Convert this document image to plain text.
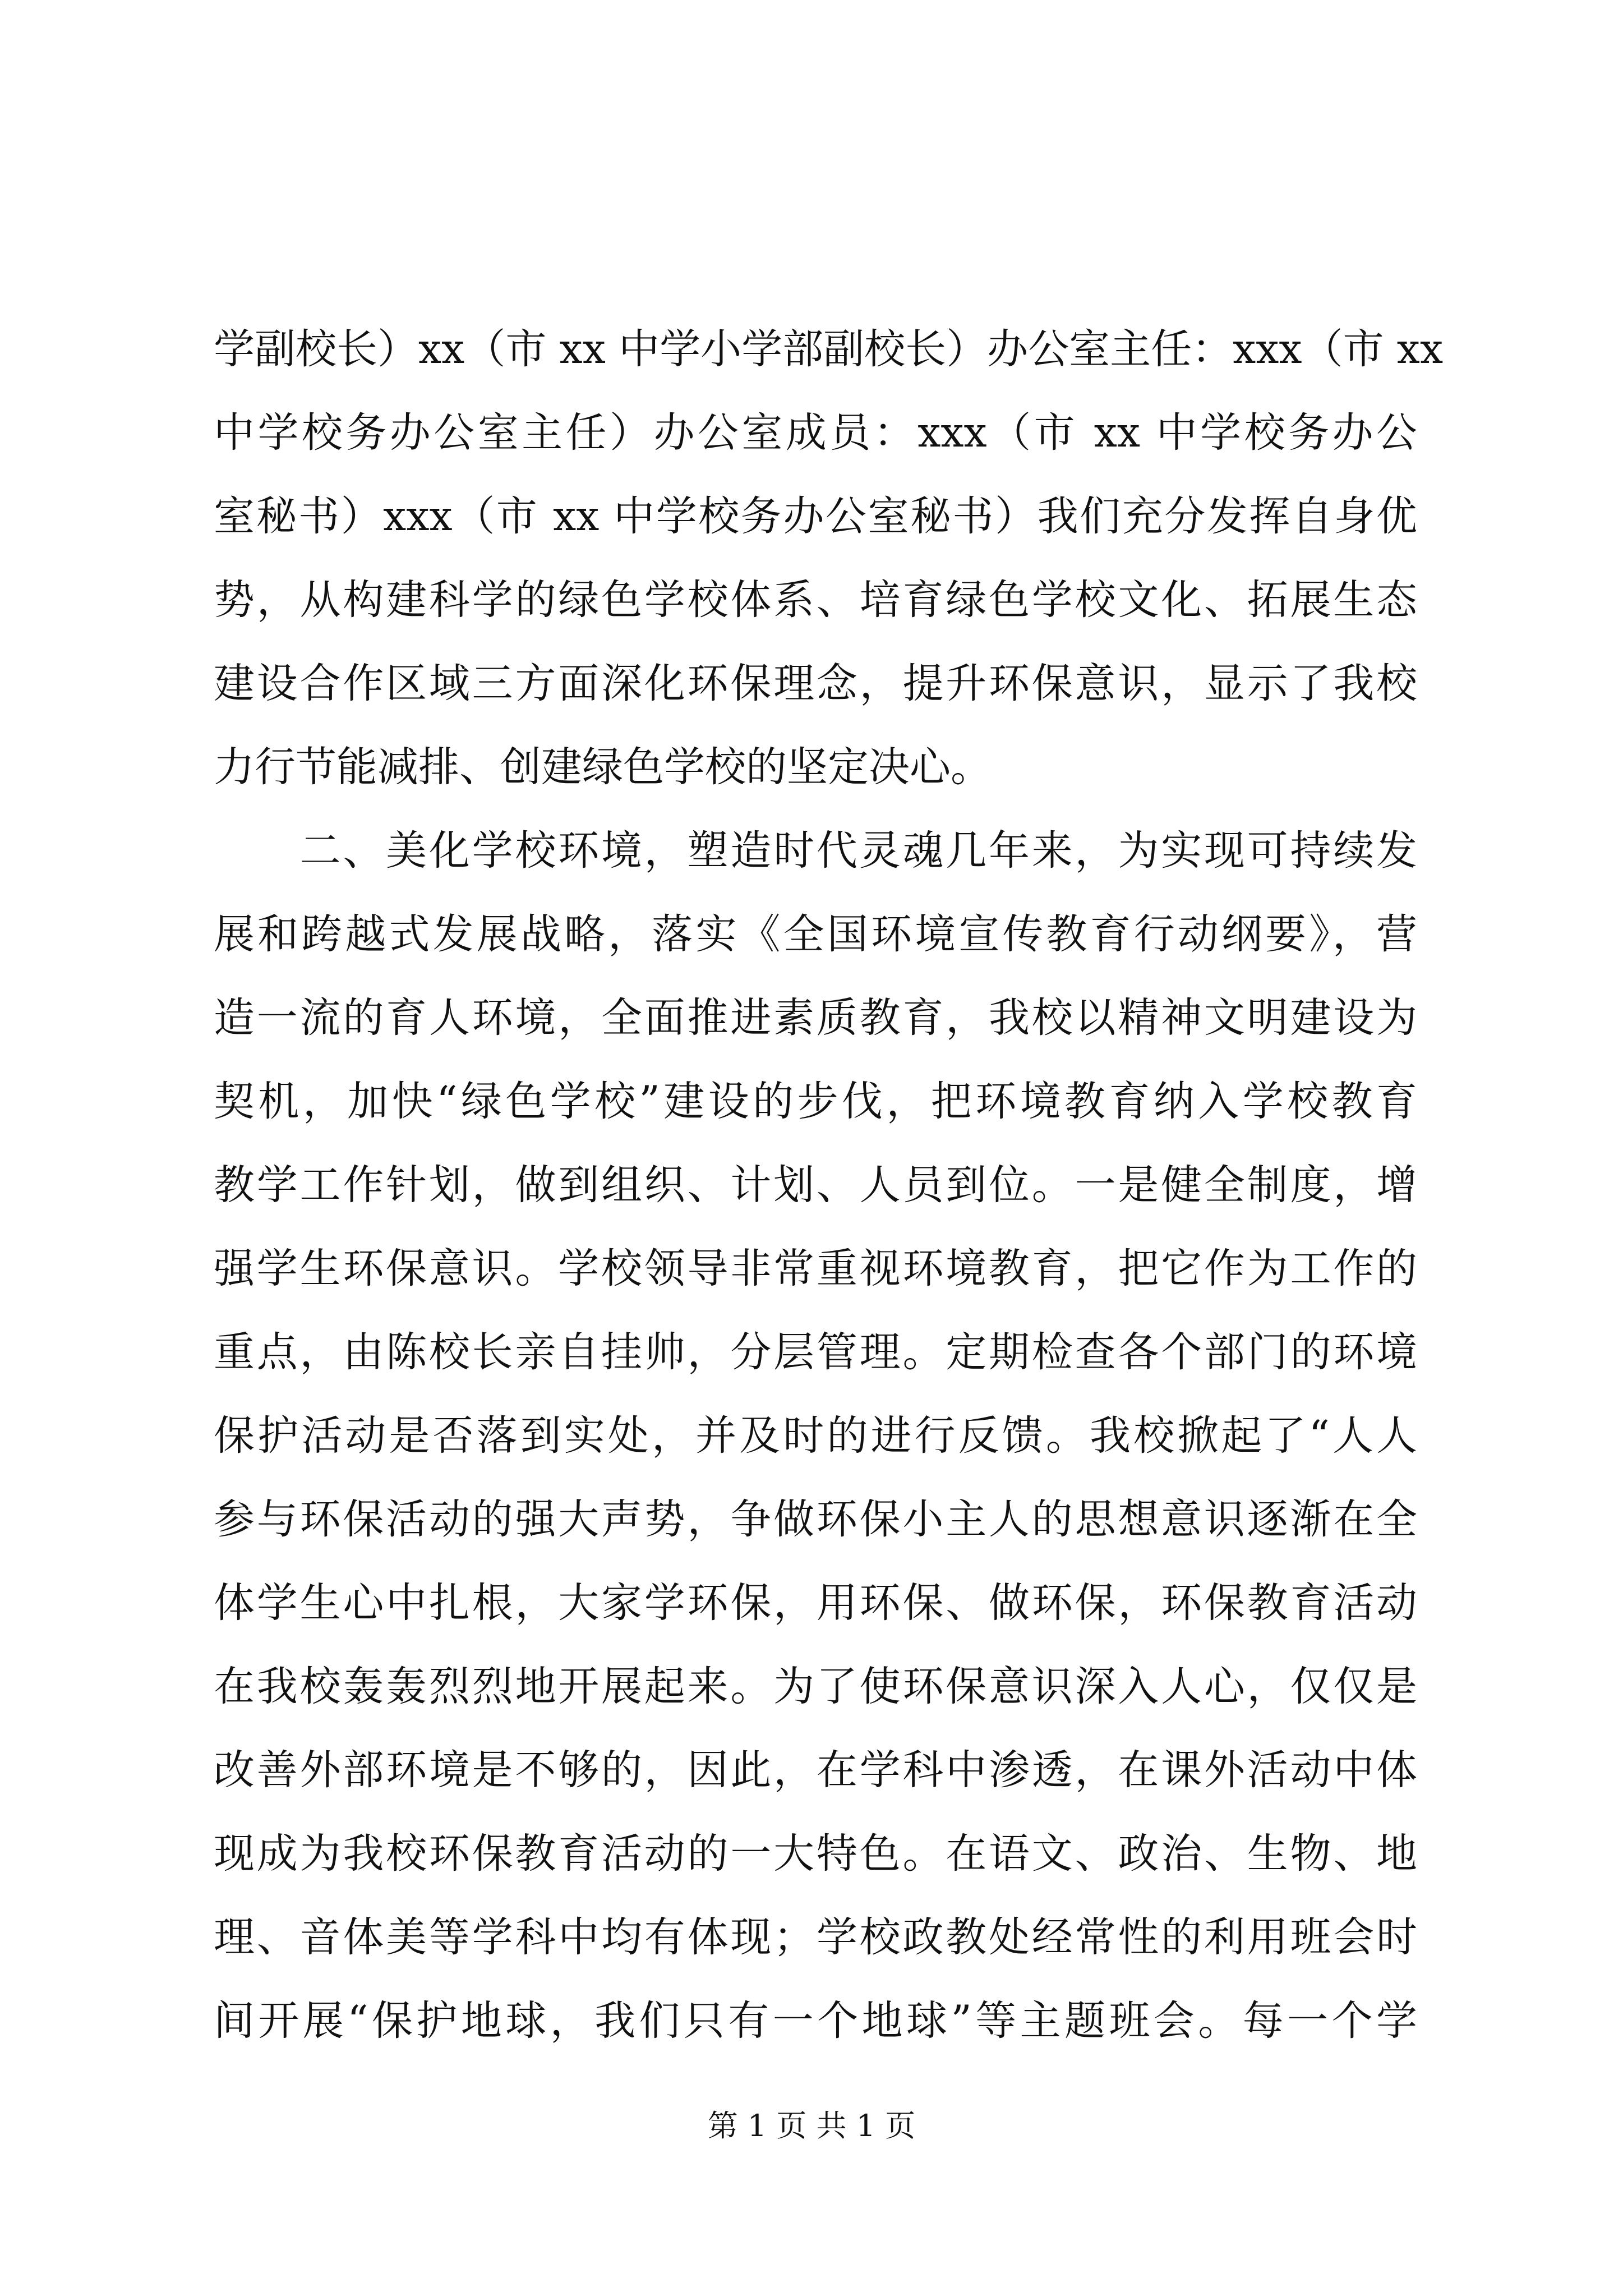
学副校长）xx（市 xx 中学小学部副校长）办公室主任：xxx（市 xx
中学校务办公室主任）办公室成员：xxx（市 xx 中学校务办公
室秘书）xxx（市 xx 中学校务办公室秘书）我们充分发挥自身优
势，从构建科学的绿色学校体系、培育绿色学校文化、拓展生态
建设合作区域三方面深化环保理念，提升环保意识，显示了我校
力行节能减排、创建绿色学校的坚定决心。
　　二、美化学校环境，塑造时代灵魂几年来，为实现可持续发
展和跨越式发展战略，落实《全国环境宣传教育行动纲要》，营
造一流的育人环境，全面推进素质教育，我校以精神文明建设为
契机，加快“绿色学校”建设的步伐，把环境教育纳入学校教育
教学工作针划，做到组织、计划、人员到位。一是健全制度，增
强学生环保意识。学校领导非常重视环境教育，把它作为工作的
重点，由陈校长亲自挂帅，分层管理。定期检查各个部门的环境
保护活动是否落到实处，并及时的进行反馈。我校掀起了“人人
参与环保活动的强大声势，争做环保小主人的思想意识逐渐在全
体学生心中扎根，大家学环保，用环保、做环保，环保教育活动
在我校轰轰烈烈地开展起来。为了使环保意识深入人心，仅仅是
改善外部环境是不够的，因此，在学科中渗透，在课外活动中体
现成为我校环保教育活动的一大特色。在语文、政治、生物、地
理、音体美等学科中均有体现；学校政教处经常性的利用班会时
间开展“保护地球，我们只有一个地球”等主题班会。每一个学
第 1 页 共 1 页
